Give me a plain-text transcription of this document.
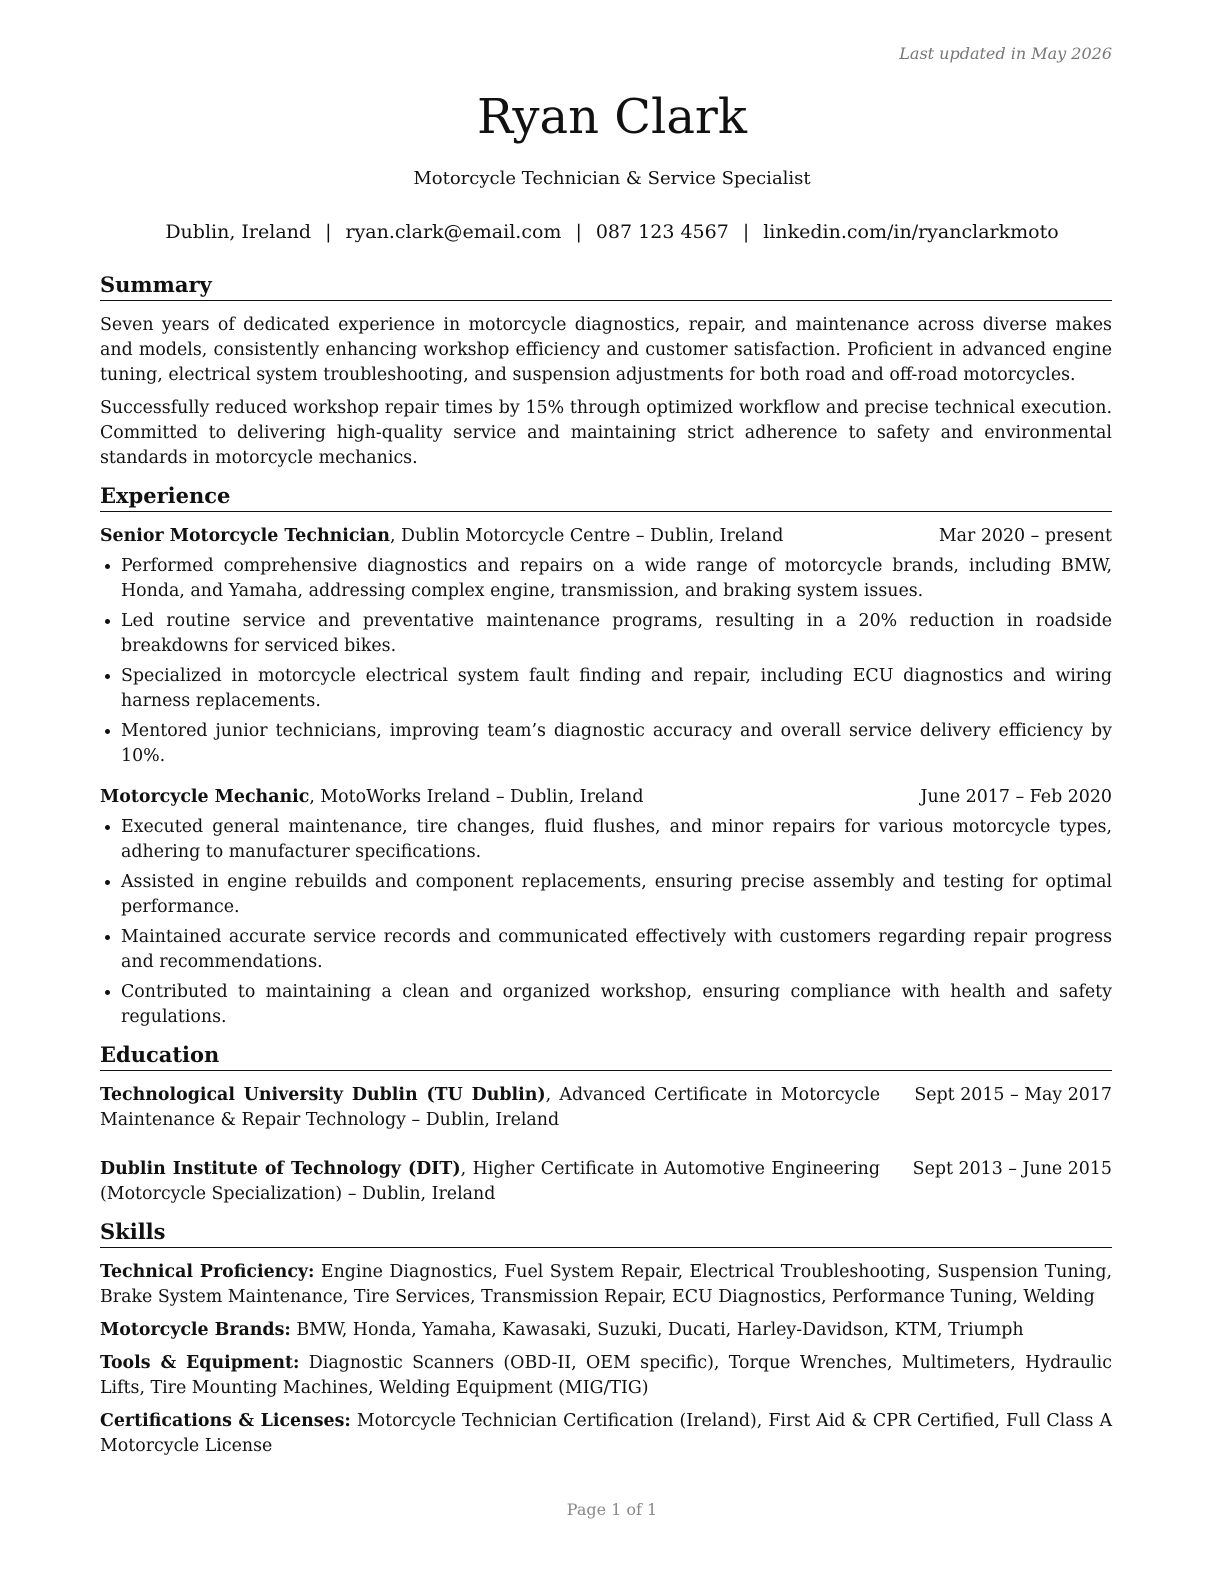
Last updated in May 2026
Ryan Clark
Motorcycle Technician & Service Specialist
Dublin, Ireland | ryan.clark@email.com | 087 123 4567 | linkedin.com/in/ryanclarkmoto
Summary

Seven years of dedicated experience in motorcycle diagnostics, repair, and maintenance across diverse makes and models, consistently enhancing workshop efficiency and customer satisfaction. Proficient in advanced engine tuning, electrical system troubleshooting, and suspension adjustments for both road and off-road motorcycles.

Successfully reduced workshop repair times by 15% through optimized workflow and precise technical execution. Committed to delivering high-quality service and maintaining strict adherence to safety and environmental standards in motorcycle mechanics.

Experience
Senior Motorcycle Technician, Dublin Motorcycle Centre – Dublin, Ireland	Mar 2020 – present
• Performed comprehensive diagnostics and repairs on a wide range of motorcycle brands, including BMW, Honda, and Yamaha, addressing complex engine, transmission, and braking system issues.
• Led routine service and preventative maintenance programs, resulting in a 20% reduction in roadside breakdowns for serviced bikes.
• Specialized in motorcycle electrical system fault finding and repair, including ECU diagnostics and wiring harness replacements.
• Mentored junior technicians, improving team’s diagnostic accuracy and overall service delivery efficiency by 10%.
Motorcycle Mechanic, MotoWorks Ireland – Dublin, Ireland	June 2017 – Feb 2020
• Executed general maintenance, tire changes, fluid flushes, and minor repairs for various motorcycle types, adhering to manufacturer specifications.
• Assisted in engine rebuilds and component replacements, ensuring precise assembly and testing for optimal performance.
• Maintained accurate service records and communicated effectively with customers regarding repair progress and recommendations.
• Contributed to maintaining a clean and organized workshop, ensuring compliance with health and safety regulations.
Education
Technological University Dublin (TU Dublin), Advanced Certificate in Motorcycle Maintenance & Repair Technology – Dublin, Ireland
Sept 2015 – May 2017
Dublin Institute of Technology (DIT), Higher Certificate in Automotive Engineering (Motorcycle Specialization) – Dublin, Ireland
Sept 2013 – June 2015
Skills
Technical Proficiency: Engine Diagnostics, Fuel System Repair, Electrical Troubleshooting, Suspension Tuning, Brake System Maintenance, Tire Services, Transmission Repair, ECU Diagnostics, Performance Tuning, Welding
Motorcycle Brands: BMW, Honda, Yamaha, Kawasaki, Suzuki, Ducati, Harley-Davidson, KTM, Triumph
Tools & Equipment: Diagnostic Scanners (OBD-II, OEM specific), Torque Wrenches, Multimeters, Hydraulic Lifts, Tire Mounting Machines, Welding Equipment (MIG/TIG)
Certifications & Licenses: Motorcycle Technician Certification (Ireland), First Aid & CPR Certified, Full Class A Motorcycle License
Page 1 of 1
